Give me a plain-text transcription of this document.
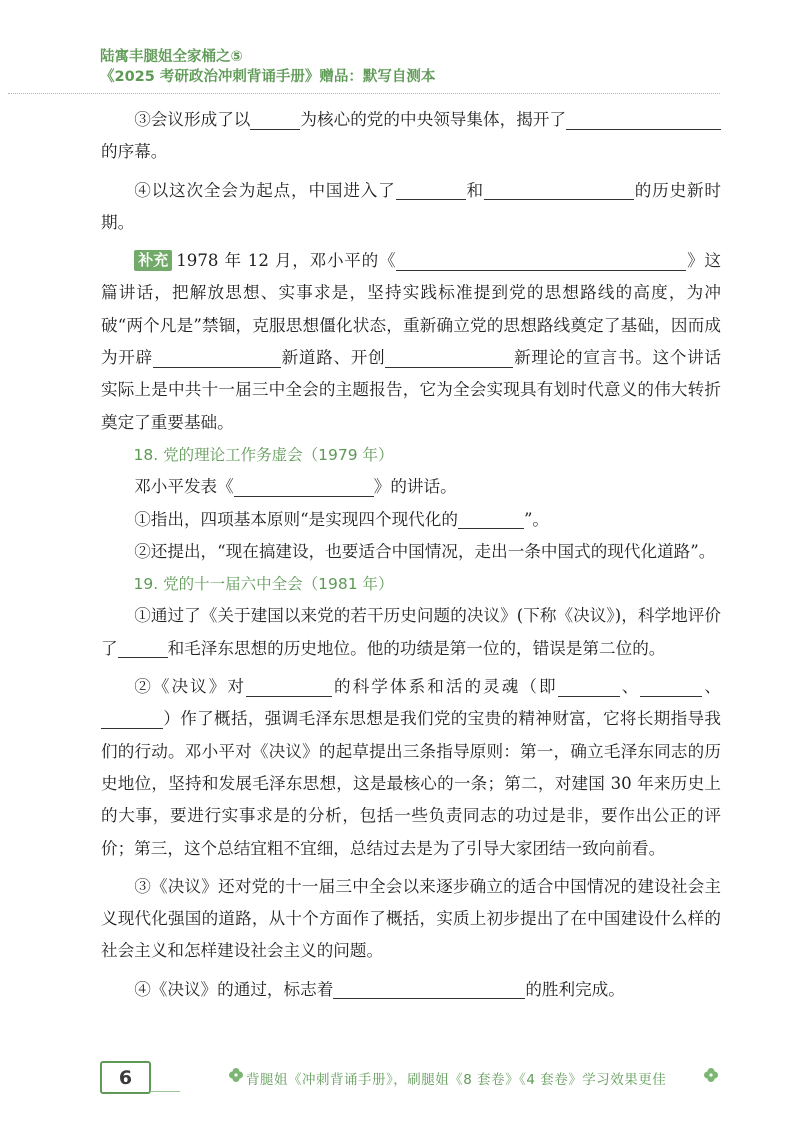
陆寓丰腿姐全家桶之⑤
《2025 考研政治冲刺背诵手册》赠品：默写自测本

③会议形成了以	为核心的党的中央领导集体，揭开了的序幕。

④以这次全会为起点，中国进入了	和	的历史新时期。

补充 1978 年 12 月，邓小平的《	》这篇讲话，把解放思想、实事求是，坚持实践标准提到党的思想路线的高度，为冲破“两个凡是”禁锢，克服思想僵化状态，重新确立党的思想路线奠定了基础，因而成为开辟	新道路、开创	新理论的宣言书。这个讲话实际上是中共十一届三中全会的主题报告，它为全会实现具有划时代意义的伟大转折奠定了重要基础。

18. 党的理论工作务虚会（1979 年）

邓小平发表《	》的讲话。

①指出，四项基本原则“是实现四个现代化的	”。

②还提出，“现在搞建设，也要适合中国情况，走出一条中国式的现代化道路”。

19. 党的十一届六中全会（1981 年）

①通过了《关于建国以来党的若干历史问题的决议》(下称《决议》)，科学地评价了	和毛泽东思想的历史地位。他的功绩是第一位的，错误是第二位的。

②《决议》对	的科学体系和活的灵魂（即	、	、）作了概括，强调毛泽东思想是我们党的宝贵的精神财富，它将长期指导我们的行动。邓小平对《决议》的起草提出三条指导原则：第一，确立毛泽东同志的历史地位，坚持和发展毛泽东思想，这是最核心的一条；第二，对建国 30 年来历史上的大事，要进行实事求是的分析，包括一些负责同志的功过是非，要作出公正的评价；第三，这个总结宜粗不宜细，总结过去是为了引导大家团结一致向前看。

③《决议》还对党的十一届三中全会以来逐步确立的适合中国情况的建设社会主义现代化强国的道路，从十个方面作了概括，实质上初步提出了在中国建设什么样的社会主义和怎样建设社会主义的问题。

④《决议》的通过，标志着	的胜利完成。

6	背腿姐《冲刺背诵手册》，刷腿姐《8 套卷》《4 套卷》学习效果更佳
